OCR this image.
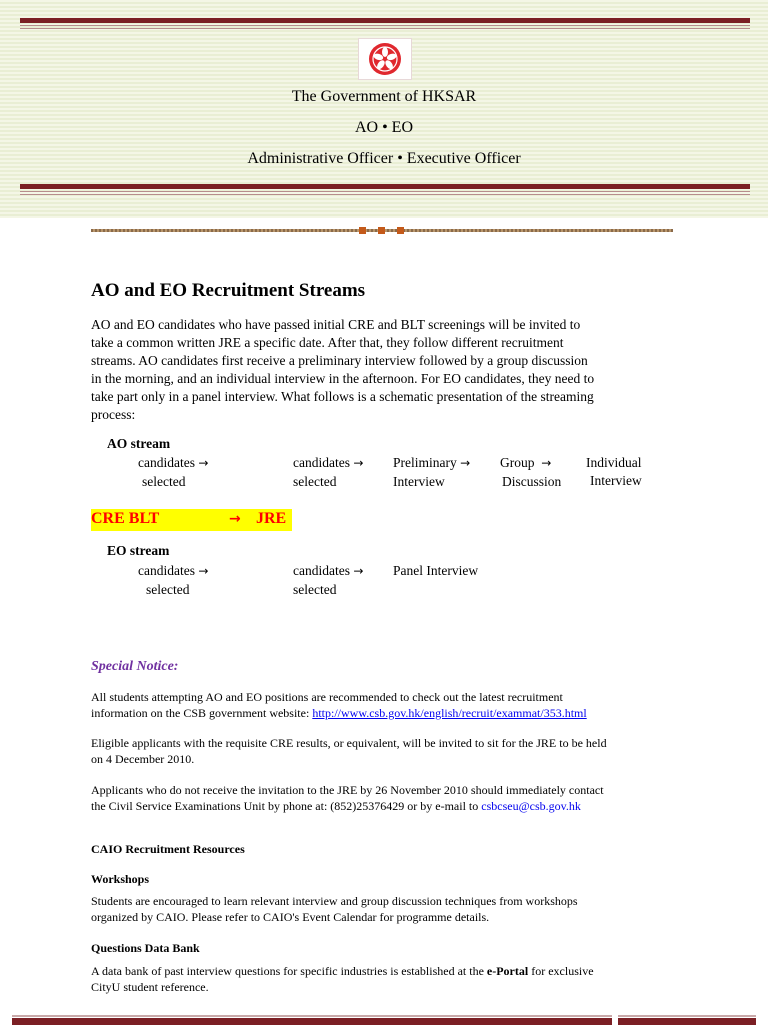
The Government of HKSAR
AO • EO
Administrative Officer • Executive Officer
AO and EO Recruitment Streams
AO and EO candidates who have passed initial CRE and BLT screenings will be invited to
take a common written JRE a specific date. After that, they follow different recruitment
streams. AO candidates first receive a preliminary interview followed by a group discussion
in the morning, and an individual interview in the afternoon. For EO candidates, they need to
take part only in a panel interview. What follows is a schematic presentation of the streaming
process:
AO stream
candidates →
selected
candidates →
selected
Preliminary →
Interview
Group →
Discussion
Individual
Interview
CRE BLT	→ JRE
EO stream
candidates →
selected
candidates →
selected
Panel Interview
Special Notice:
All students attempting AO and EO positions are recommended to check out the latest recruitment
information on the CSB government website: http://www.csb.gov.hk/english/recruit/exammat/353.html
Eligible applicants with the requisite CRE results, or equivalent, will be invited to sit for the JRE to be held
on 4 December 2010.
Applicants who do not receive the invitation to the JRE by 26 November 2010 should immediately contact
the Civil Service Examinations Unit by phone at: (852)25376429 or by e-mail to csbcseu@csb.gov.hk
CAIO Recruitment Resources
Workshops
Students are encouraged to learn relevant interview and group discussion techniques from workshops
organized by CAIO. Please refer to CAIO's Event Calendar for programme details.
Questions Data Bank
A data bank of past interview questions for specific industries is established at the e-Portal for exclusive
CityU student reference.
